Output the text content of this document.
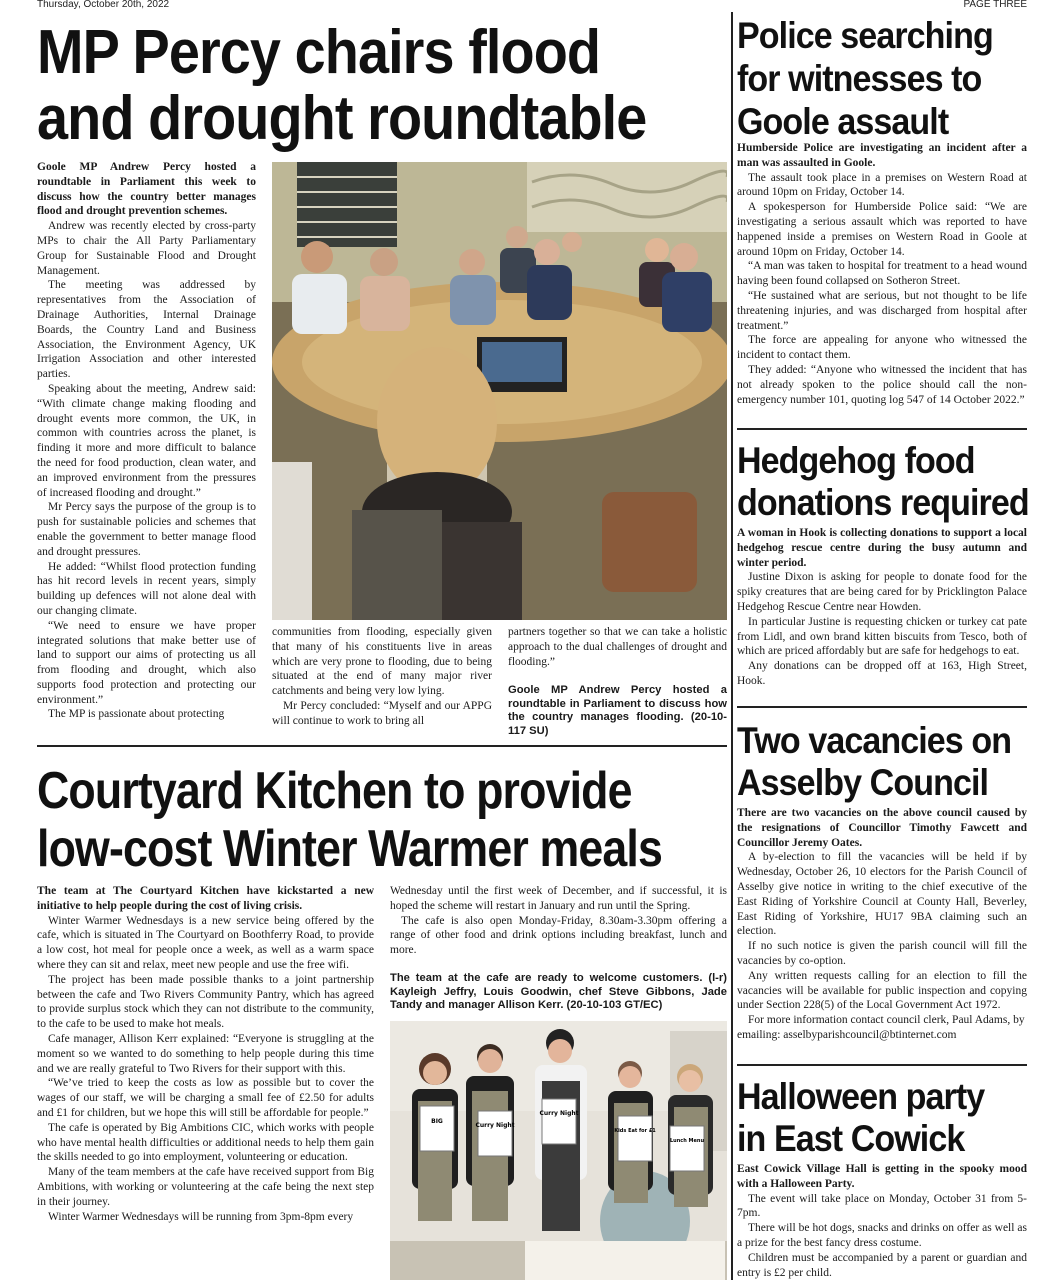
Thursday, October 20th, 2022	PAGE THREE
MP Percy chairs flood
and drought roundtable

Goole MP Andrew Percy hosted a roundtable in Parliament this week to discuss how the country better manages flood and drought prevention schemes.

Andrew was recently elected by cross-party MPs to chair the All Party Parliamentary Group for Sustainable Flood and Drought Management.

The meeting was addressed by representatives from the Association of Drainage Authorities, Internal Drainage Boards, the Country Land and Business Association, the Environment Agency, UK Irrigation Association and other interested parties.

Speaking about the meeting, Andrew said: “With climate change making flooding and drought events more common, the UK, in common with countries across the planet, is finding it more and more difficult to balance the need for food production, clean water, and an improved environment from the pressures of increased flooding and drought.”

Mr Percy says the purpose of the group is to push for sustainable policies and schemes that enable the government to better manage flood and drought pressures.

He added: “Whilst flood protection funding has hit record levels in recent years, simply building up defences will not alone deal with our changing climate.

“We need to ensure we have proper integrated solutions that make better use of land to support our aims of protecting us all from flooding and drought, which also supports food protection and protecting our environment.”

The MP is passionate about protecting

communities from flooding, especially given that many of his constituents live in areas which are very prone to flooding, due to being situated at the end of many major river catchments and being very low lying.

Mr Percy concluded: “Myself and our APPG will continue to work to bring all

partners together so that we can take a holistic approach to the dual challenges of drought and flooding.”

Goole MP Andrew Percy hosted a roundtable in Parliament to discuss how the country manages flooding. (20-10-117 SU)
Courtyard Kitchen to provide
low-cost Winter Warmer meals

The team at The Courtyard Kitchen have kickstarted a new initiative to help people during the cost of living crisis.

Winter Warmer Wednesdays is a new service being offered by the cafe, which is situated in The Courtyard on Boothferry Road, to provide a low cost, hot meal for people once a week, as well as a warm space where they can sit and relax, meet new people and use the free wifi.

The project has been made possible thanks to a joint partnership between the cafe and Two Rivers Community Pantry, which has agreed to provide surplus stock which they can not distribute to the community, to the cafe to be used to make hot meals.

Cafe manager, Allison Kerr explained: “Everyone is struggling at the moment so we wanted to do something to help people during this time and we are really grateful to Two Rivers for their support with this.

“We’ve tried to keep the costs as low as possible but to cover the wages of our staff, we will be charging a small fee of £2.50 for adults and £1 for children, but we hope this will still be affordable for people.”

The cafe is operated by Big Ambitions CIC, which works with people who have mental health difficulties or additional needs to help them gain the skills needed to go into employment, volunteering or education.

Many of the team members at the cafe have received support from Big Ambitions, with working or volunteering at the cafe being the next step in their journey.

Winter Warmer Wednesdays will be running from 3pm-8pm every

Wednesday until the first week of December, and if successful, it is hoped the scheme will restart in January and run until the Spring.

The cafe is also open Monday-Friday, 8.30am-3.30pm offering a range of other food and drink options including breakfast, lunch and more.

The team at the cafe are ready to welcome customers. (l-r) Kayleigh Jeffry, Louis Goodwin, chef Steve Gibbons, Jade Tandy and manager Allison Kerr. (20-10-103 GT/EC)
BIG
Curry Night
Curry Night
Kids Eat for £1
Lunch Menu
Police searching
for witnesses to
Goole assault

Humberside Police are investigating an incident after a man was assaulted in Goole.

The assault took place in a premises on Western Road at around 10pm on Friday, October 14.

A spokesperson for Humberside Police said: “We are investigating a serious assault which was reported to have happened inside a premises on Western Road in Goole at around 10pm on Friday, October 14.

“A man was taken to hospital for treatment to a head wound having been found collapsed on Sotheron Street.

“He sustained what are serious, but not thought to be life threatening injuries, and was discharged from hospital after treatment.”

The force are appealing for anyone who witnessed the incident to contact them.

They added: “Anyone who witnessed the incident that has not already spoken to the police should call the non-emergency number 101, quoting log 547 of 14 October 2022.”

Hedgehog food
donations required

A woman in Hook is collecting donations to support a local hedgehog rescue centre during the busy autumn and winter period.

Justine Dixon is asking for people to donate food for the spiky creatures that are being cared for by Pricklington Palace Hedgehog Rescue Centre near Howden.

In particular Justine is requesting chicken or turkey cat pate from Lidl, and own brand kitten biscuits from Tesco, both of which are priced affordably but are safe for hedgehogs to eat.

Any donations can be dropped off at 163, High Street, Hook.

Two vacancies on
Asselby Council

There are two vacancies on the above council caused by the resignations of Councillor Timothy Fawcett and Councillor Jeremy Oates.

A by-election to fill the vacancies will be held if by Wednesday, October 26, 10 electors for the Parish Council of Asselby give notice in writing to the chief executive of the East Riding of Yorkshire Council at County Hall, Beverley, East Riding of Yorkshire, HU17 9BA claiming such an election.

If no such notice is given the parish council will fill the vacancies by co-option.

Any written requests calling for an election to fill the vacancies will be available for public inspection and copying under Section 228(5) of the Local Government Act 1972.

For more information contact council clerk, Paul Adams, by emailing: asselbyparishcouncil@btinternet.com

Halloween party
in East Cowick

East Cowick Village Hall is getting in the spooky mood with a Halloween Party.

The event will take place on Monday, October 31 from 5-7pm.

There will be hot dogs, snacks and drinks on offer as well as a prize for the best fancy dress costume.

Children must be accompanied by a parent or guardian and entry is £2 per child.
